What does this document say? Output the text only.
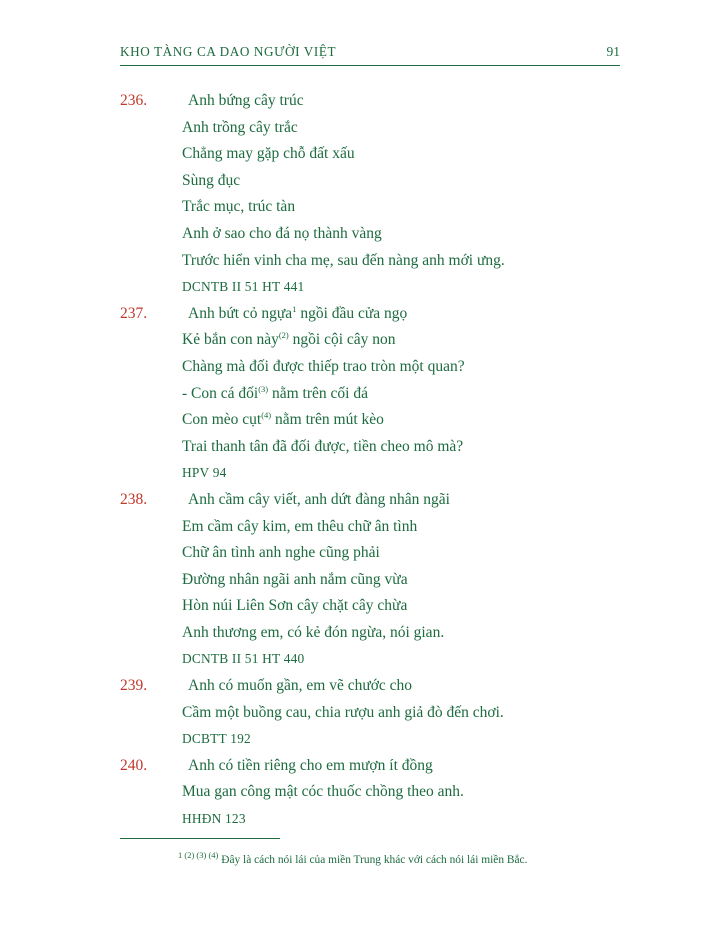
KHO TÀNG CA DAO NGƯỜI VIỆT	91
236.	Anh bứng cây trúc
Anh trồng cây trắc
Chẳng may gặp chỗ đất xấu
Sùng đục
Trắc mục, trúc tàn
Anh ở sao cho đá nọ thành vàng
Trước hiển vinh cha mẹ, sau đến nàng anh mới ưng.
DCNTB II 51 HT 441
237.	Anh bứt cỏ ngựa$^1$ ngồi đầu cửa ngọ
Kẻ bắn con này$^{(2)}$ ngồi cội cây non
Chàng mà đối được thiếp trao tròn một quan?
- Con cá đối$^{(3)}$ nằm trên cối đá
Con mèo cụt$^{(4)}$ nằm trên mút kèo
Trai thanh tân đã đối được, tiền cheo mô mà?
HPV 94
238.	Anh cầm cây viết, anh dứt đàng nhân ngãi
Em cầm cây kim, em thêu chữ ân tình
Chữ ân tình anh nghe cũng phải
Đường nhân ngãi anh nắm cũng vừa
Hòn núi Liên Sơn cây chặt cây chừa
Anh thương em, có kẻ đón ngừa, nói gian.
DCNTB II 51 HT 440
239.	Anh có muốn gần, em vẽ chước cho
Cầm một buồng cau, chia rượu anh giả đò đến chơi.
DCBTT 192
240.	Anh có tiền riêng cho em mượn ít đồng
Mua gan công mật cóc thuốc chồng theo anh.
HHĐN 123
$^{1 (2) (3) (4)}$ Đây là cách nói lái của miền Trung khác với cách nói lái miền Bắc.
